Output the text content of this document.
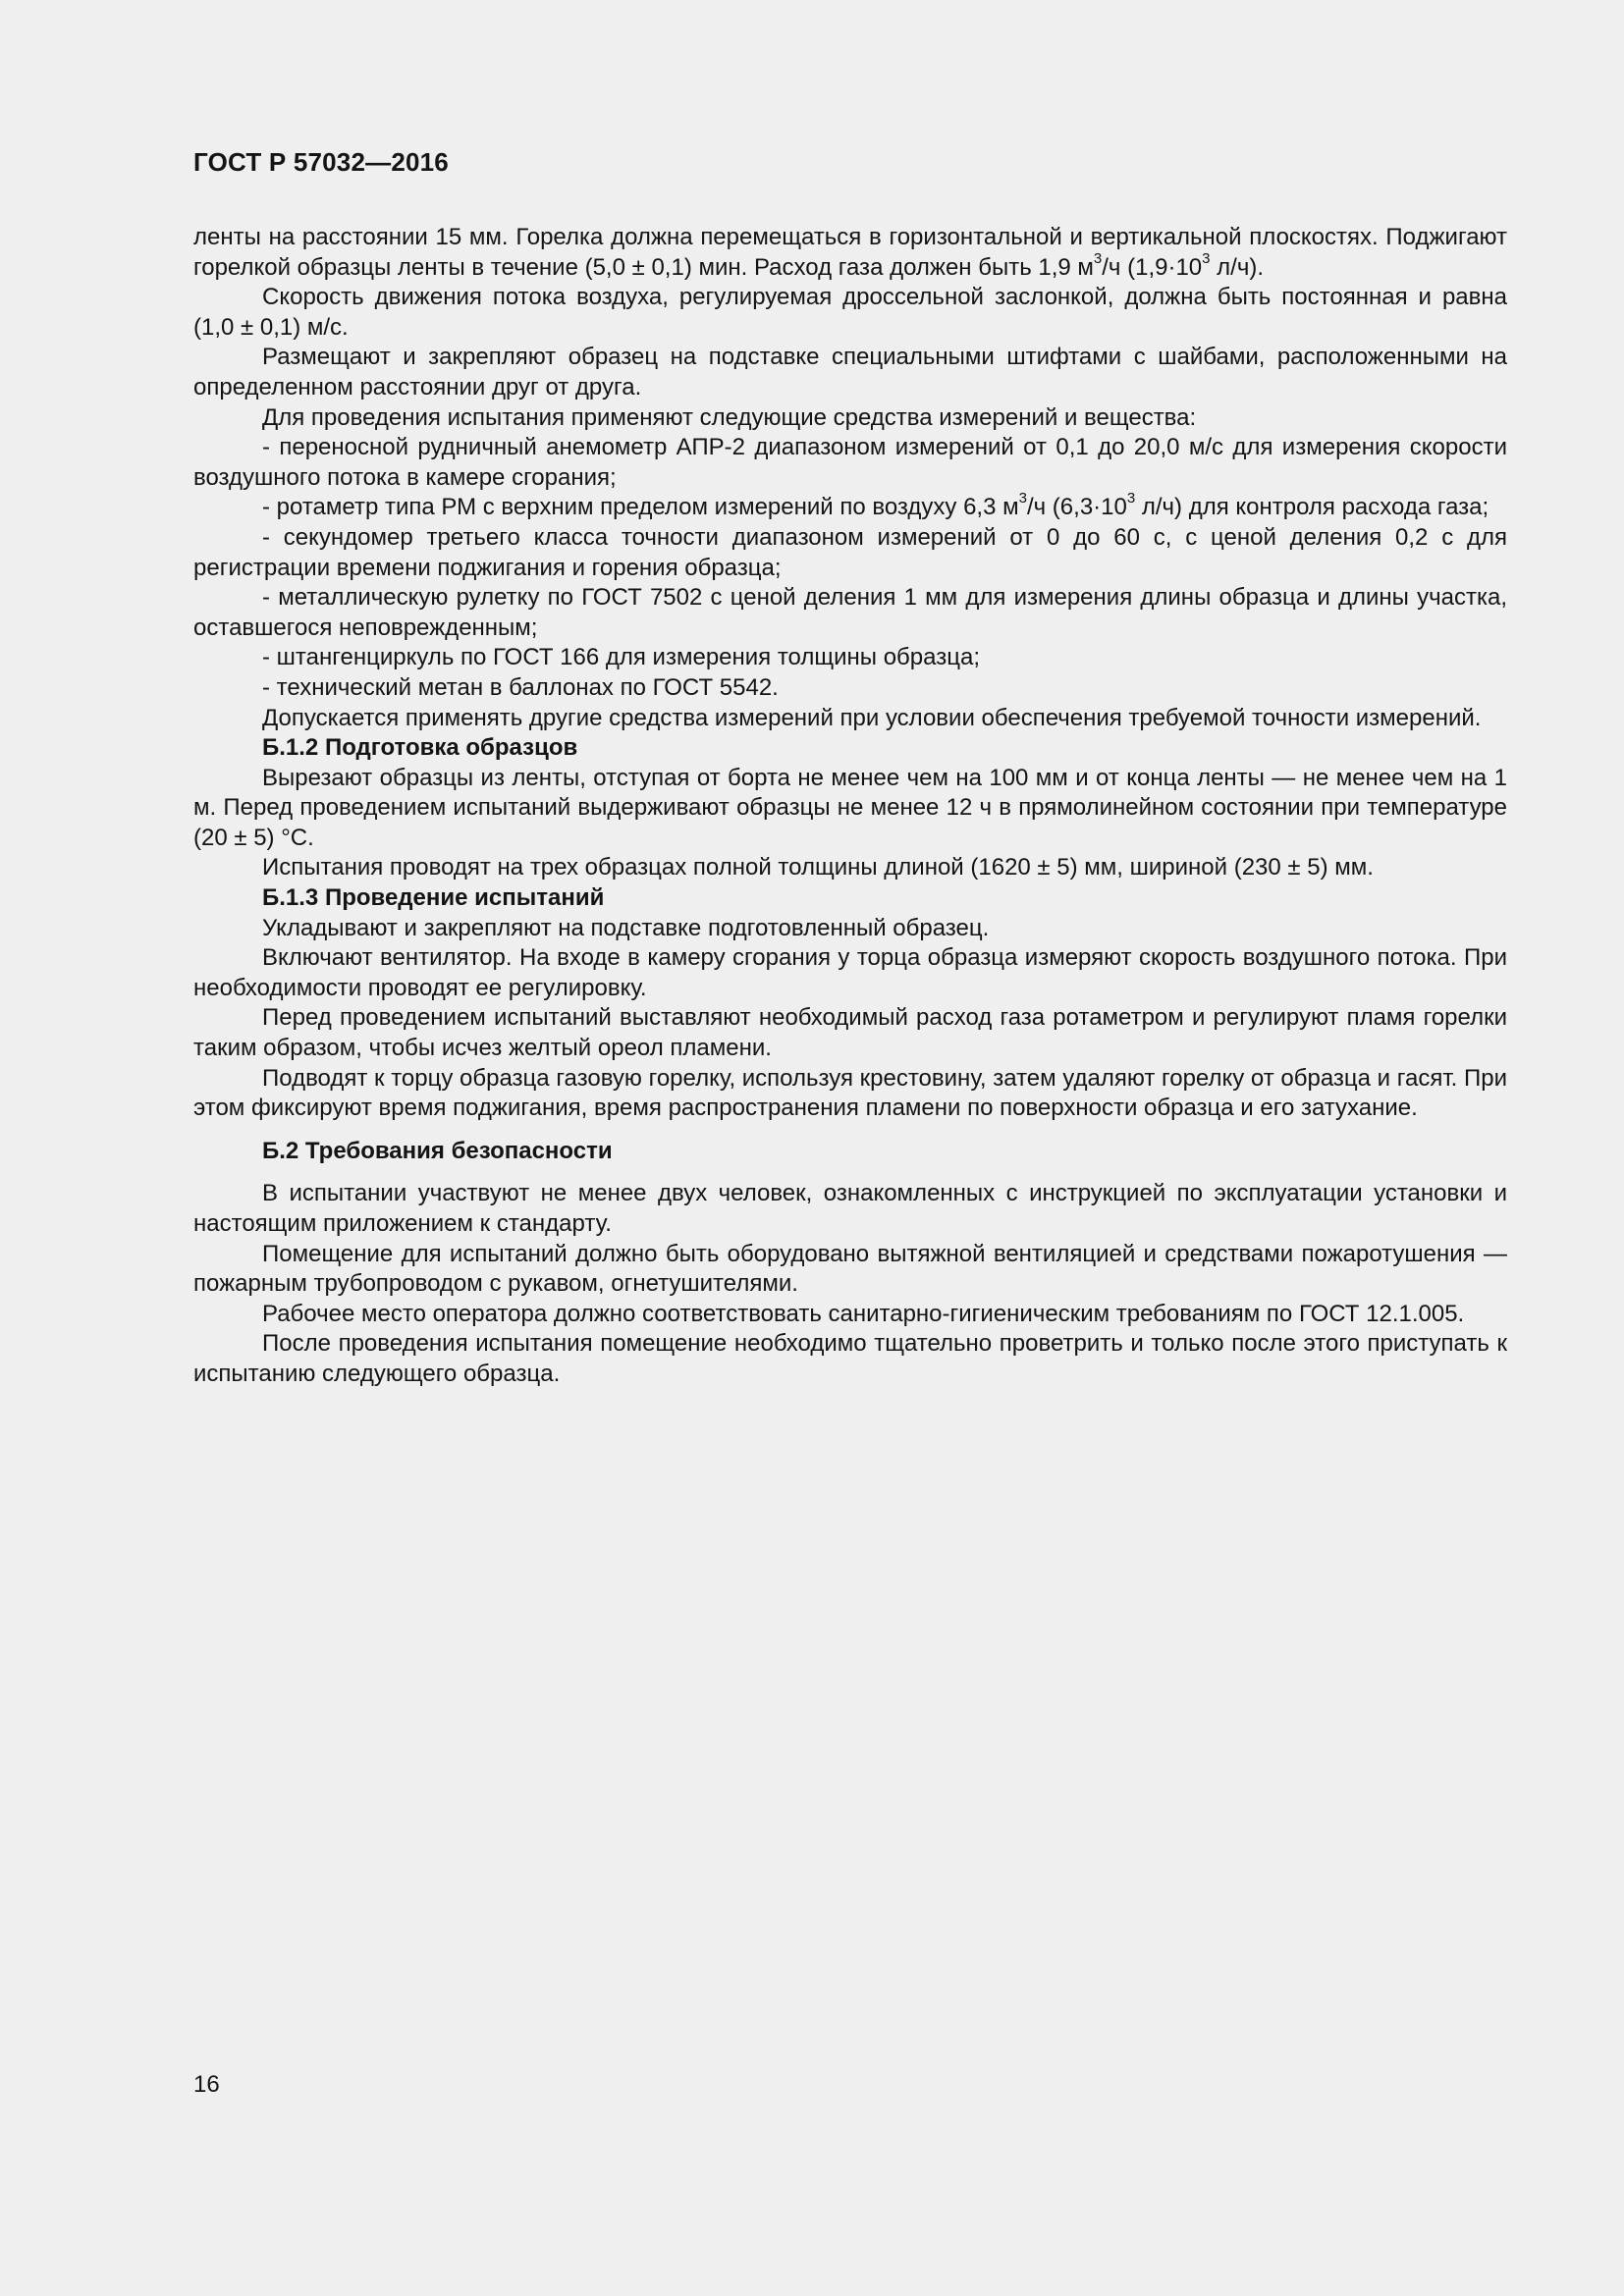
ГОСТ Р 57032—2016

ленты на расстоянии 15 мм. Горелка должна перемещаться в горизонтальной и вертикальной плоскостях. Поджигают горелкой образцы ленты в течение (5,0 ± 0,1) мин. Расход газа должен быть 1,9 $м^3/ч$ ($1,9\cdot 10^3$ л/ч).

Скорость движения потока воздуха, регулируемая дроссельной заслонкой, должна быть постоянная и равна (1,0 ± 0,1) м/с.

Размещают и закрепляют образец на подставке специальными штифтами с шайбами, расположенными на определенном расстоянии друг от друга.

Для проведения испытания применяют следующие средства измерений и вещества:

- переносной рудничный анемометр АПР-2 диапазоном измерений от 0,1 до 20,0 м/с для измерения скорости воздушного потока в камере сгорания;

- ротаметр типа РМ с верхним пределом измерений по воздуху 6,3 $м^3/ч$ ($6,3\cdot 10^3$ л/ч) для контроля расхода газа;

- секундомер третьего класса точности диапазоном измерений от 0 до 60 с, с ценой деления 0,2 с для регистрации времени поджигания и горения образца;

- металлическую рулетку по ГОСТ 7502 с ценой деления 1 мм для измерения длины образца и длины участка, оставшегося неповрежденным;

- штангенциркуль по ГОСТ 166 для измерения толщины образца;

- технический метан в баллонах по ГОСТ 5542.

Допускается применять другие средства измерений при условии обеспечения требуемой точности измерений.

Б.1.2 Подготовка образцов

Вырезают образцы из ленты, отступая от борта не менее чем на 100 мм и от конца ленты — не менее чем на 1 м. Перед проведением испытаний выдерживают образцы не менее 12 ч в прямолинейном состоянии при температуре (20 ± 5) °С.

Испытания проводят на трех образцах полной толщины длиной (1620 ± 5) мм, шириной (230 ± 5) мм.

Б.1.3 Проведение испытаний

Укладывают и закрепляют на подставке подготовленный образец.

Включают вентилятор. На входе в камеру сгорания у торца образца измеряют скорость воздушного потока. При необходимости проводят ее регулировку.

Перед проведением испытаний выставляют необходимый расход газа ротаметром и регулируют пламя горелки таким образом, чтобы исчез желтый ореол пламени.

Подводят к торцу образца газовую горелку, используя крестовину, затем удаляют горелку от образца и гасят. При этом фиксируют время поджигания, время распространения пламени по поверхности образца и его затухание.

Б.2 Требования безопасности

В испытании участвуют не менее двух человек, ознакомленных с инструкцией по эксплуатации установки и настоящим приложением к стандарту.

Помещение для испытаний должно быть оборудовано вытяжной вентиляцией и средствами пожаротушения — пожарным трубопроводом с рукавом, огнетушителями.

Рабочее место оператора должно соответствовать санитарно-гигиеническим требованиям по ГОСТ 12.1.005.

После проведения испытания помещение необходимо тщательно проветрить и только после этого приступать к испытанию следующего образца.

16
